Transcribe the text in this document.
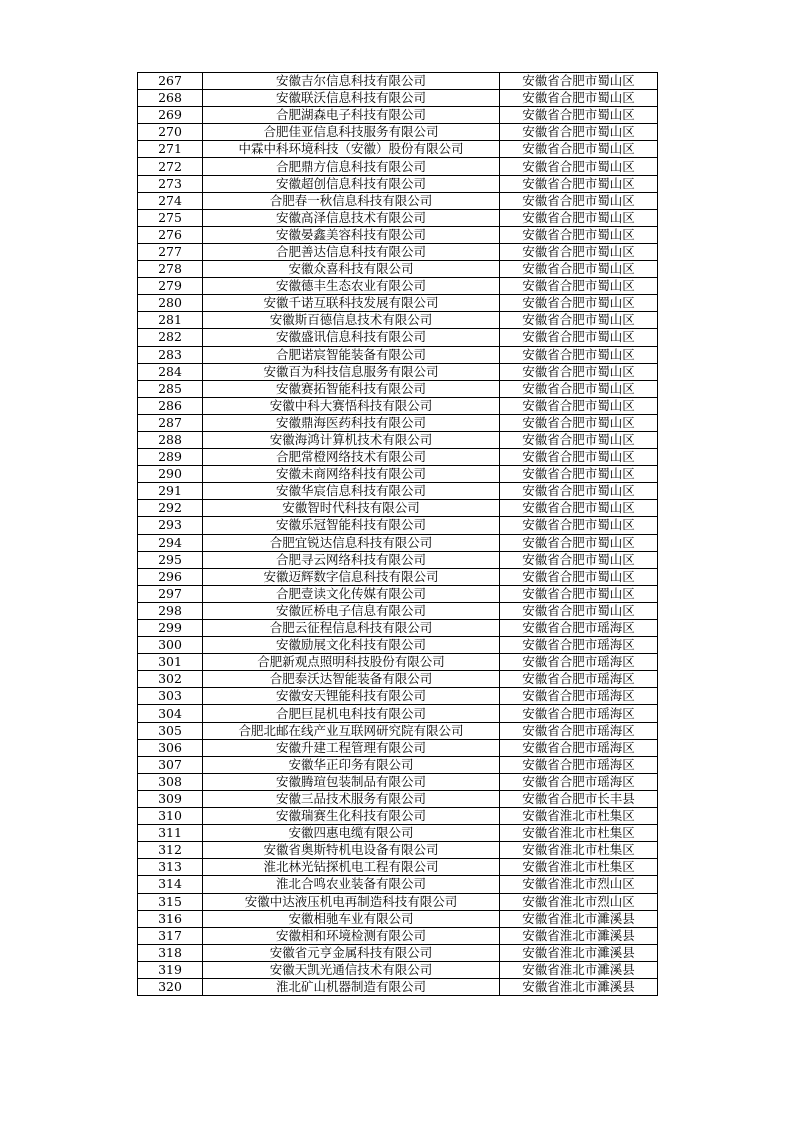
267	安徽吉尔信息科技有限公司	安徽省合肥市蜀山区
268	安徽联沃信息科技有限公司	安徽省合肥市蜀山区
269	合肥湖森电子科技有限公司	安徽省合肥市蜀山区
270	合肥佳亚信息科技服务有限公司	安徽省合肥市蜀山区
271	中霖中科环境科技（安徽）股份有限公司	安徽省合肥市蜀山区
272	合肥鼎方信息科技有限公司	安徽省合肥市蜀山区
273	安徽超创信息科技有限公司	安徽省合肥市蜀山区
274	合肥春一秋信息科技有限公司	安徽省合肥市蜀山区
275	安徽高泽信息技术有限公司	安徽省合肥市蜀山区
276	安徽晏鑫美容科技有限公司	安徽省合肥市蜀山区
277	合肥善达信息科技有限公司	安徽省合肥市蜀山区
278	安徽众喜科技有限公司	安徽省合肥市蜀山区
279	安徽德丰生态农业有限公司	安徽省合肥市蜀山区
280	安徽千诺互联科技发展有限公司	安徽省合肥市蜀山区
281	安徽斯百德信息技术有限公司	安徽省合肥市蜀山区
282	安徽盛讯信息科技有限公司	安徽省合肥市蜀山区
283	合肥诺宸智能装备有限公司	安徽省合肥市蜀山区
284	安徽百为科技信息服务有限公司	安徽省合肥市蜀山区
285	安徽赛拓智能科技有限公司	安徽省合肥市蜀山区
286	安徽中科大赛悟科技有限公司	安徽省合肥市蜀山区
287	安徽鼎海医药科技有限公司	安徽省合肥市蜀山区
288	安徽海鸿计算机技术有限公司	安徽省合肥市蜀山区
289	合肥常橙网络技术有限公司	安徽省合肥市蜀山区
290	安徽未商网络科技有限公司	安徽省合肥市蜀山区
291	安徽华宸信息科技有限公司	安徽省合肥市蜀山区
292	安徽智时代科技有限公司	安徽省合肥市蜀山区
293	安徽乐冠智能科技有限公司	安徽省合肥市蜀山区
294	合肥宜锐达信息科技有限公司	安徽省合肥市蜀山区
295	合肥寻云网络科技有限公司	安徽省合肥市蜀山区
296	安徽迈辉数字信息科技有限公司	安徽省合肥市蜀山区
297	合肥壹读文化传媒有限公司	安徽省合肥市蜀山区
298	安徽匠桥电子信息有限公司	安徽省合肥市蜀山区
299	合肥云征程信息科技有限公司	安徽省合肥市瑶海区
300	安徽励展文化科技有限公司	安徽省合肥市瑶海区
301	合肥新观点照明科技股份有限公司	安徽省合肥市瑶海区
302	合肥泰沃达智能装备有限公司	安徽省合肥市瑶海区
303	安徽安天锂能科技有限公司	安徽省合肥市瑶海区
304	合肥巨昆机电科技有限公司	安徽省合肥市瑶海区
305	合肥北邮在线产业互联网研究院有限公司	安徽省合肥市瑶海区
306	安徽升建工程管理有限公司	安徽省合肥市瑶海区
307	安徽华正印务有限公司	安徽省合肥市瑶海区
308	安徽腾瑄包装制品有限公司	安徽省合肥市瑶海区
309	安徽三品技术服务有限公司	安徽省合肥市长丰县
310	安徽瑞赛生化科技有限公司	安徽省淮北市杜集区
311	安徽四惠电缆有限公司	安徽省淮北市杜集区
312	安徽省奥斯特机电设备有限公司	安徽省淮北市杜集区
313	淮北林光钻探机电工程有限公司	安徽省淮北市杜集区
314	淮北合鸣农业装备有限公司	安徽省淮北市烈山区
315	安徽中达液压机电再制造科技有限公司	安徽省淮北市烈山区
316	安徽相驰车业有限公司	安徽省淮北市濉溪县
317	安徽相和环境检测有限公司	安徽省淮北市濉溪县
318	安徽省元亨金属科技有限公司	安徽省淮北市濉溪县
319	安徽天凯光通信技术有限公司	安徽省淮北市濉溪县
320	淮北矿山机器制造有限公司	安徽省淮北市濉溪县
